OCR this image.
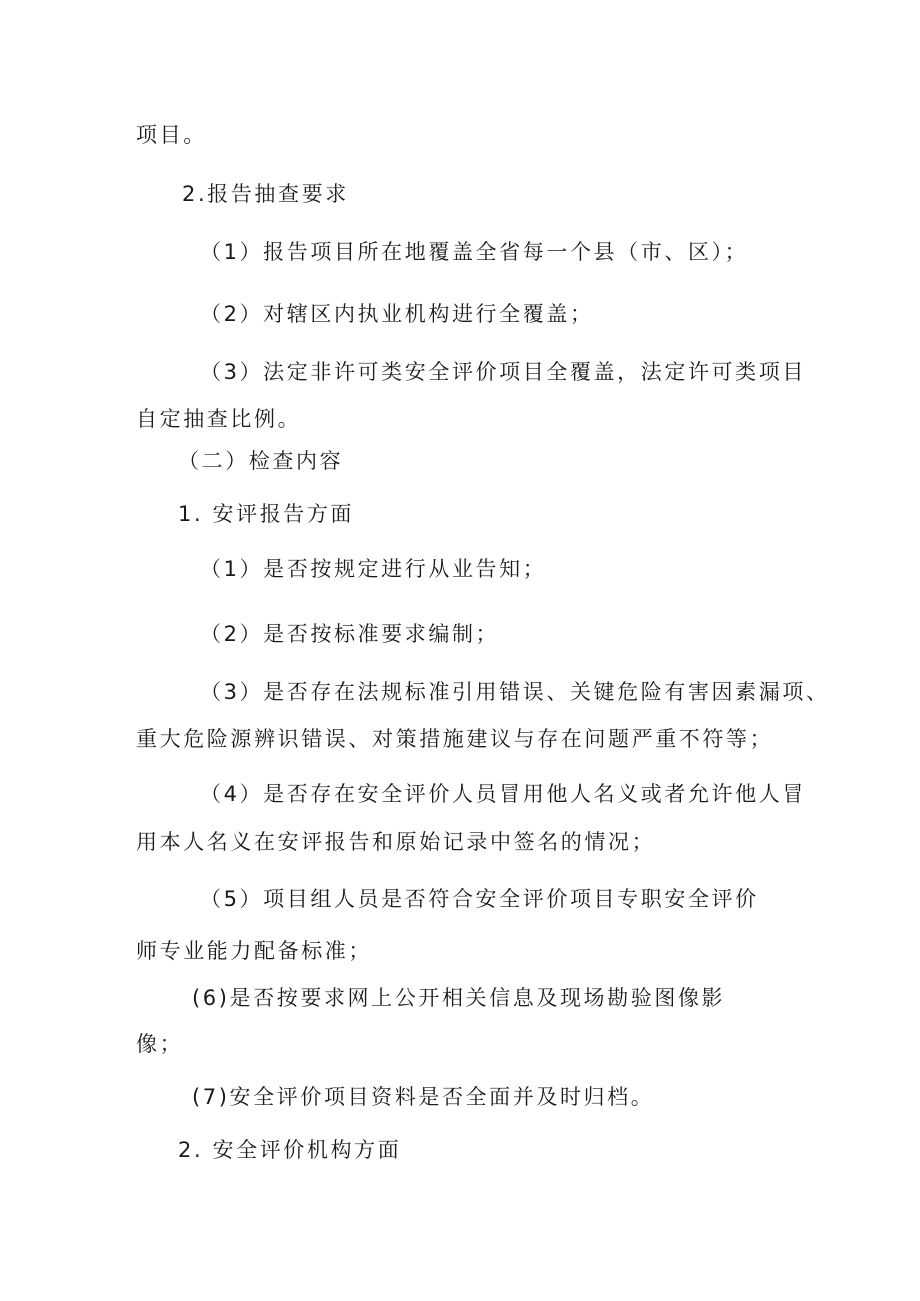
项目。

2.报告抽查要求

（1）报告项目所在地覆盖全省每一个县（市、区）；

（2）对辖区内执业机构进行全覆盖；

（3）法定非许可类安全评价项目全覆盖，法定许可类项目

自定抽查比例。

（二）检查内容

1. 安评报告方面

（1）是否按规定进行从业告知；

（2）是否按标准要求编制；

（3）是否存在法规标准引用错误、关键危险有害因素漏项、

重大危险源辨识错误、对策措施建议与存在问题严重不符等；

（4）是否存在安全评价人员冒用他人名义或者允许他人冒

用本人名义在安评报告和原始记录中签名的情况；

（5）项目组人员是否符合安全评价项目专职安全评价

师专业能力配备标准；

(6)是否按要求网上公开相关信息及现场勘验图像影

像；

(7)安全评价项目资料是否全面并及时归档。

2. 安全评价机构方面
